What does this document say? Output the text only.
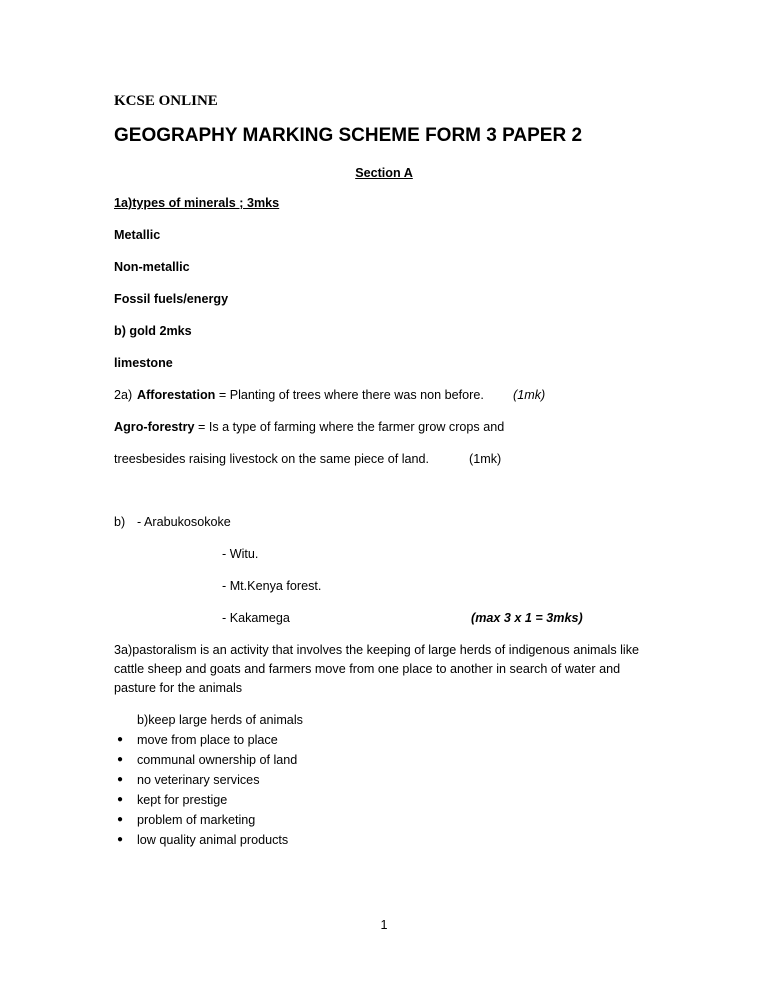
KCSE ONLINE
GEOGRAPHY MARKING SCHEME FORM 3 PAPER 2
Section A
1a)types of minerals ; 3mks
Metallic
Non-metallic
Fossil fuels/energy
b) gold 2mks
limestone
2a) Afforestation = Planting of trees where there was non before. (1mk)
Agro-forestry = Is a type of farming where the farmer grow crops and
treesbesides raising livestock on the same piece of land.	(1mk)
b) - Arabukosokoke
- Witu.
- Mt.Kenya forest.
- Kakamega	(max 3 x 1 = 3mks)
3a)pastoralism is an activity that involves the keeping of large herds of indigenous animals like cattle sheep and goats and farmers move from one place to another in search of water and pasture for the animals
b)keep large herds of animals
● move from place to place
● communal ownership of land
● no veterinary services
● kept for prestige
● problem of marketing
● low quality animal products
1
